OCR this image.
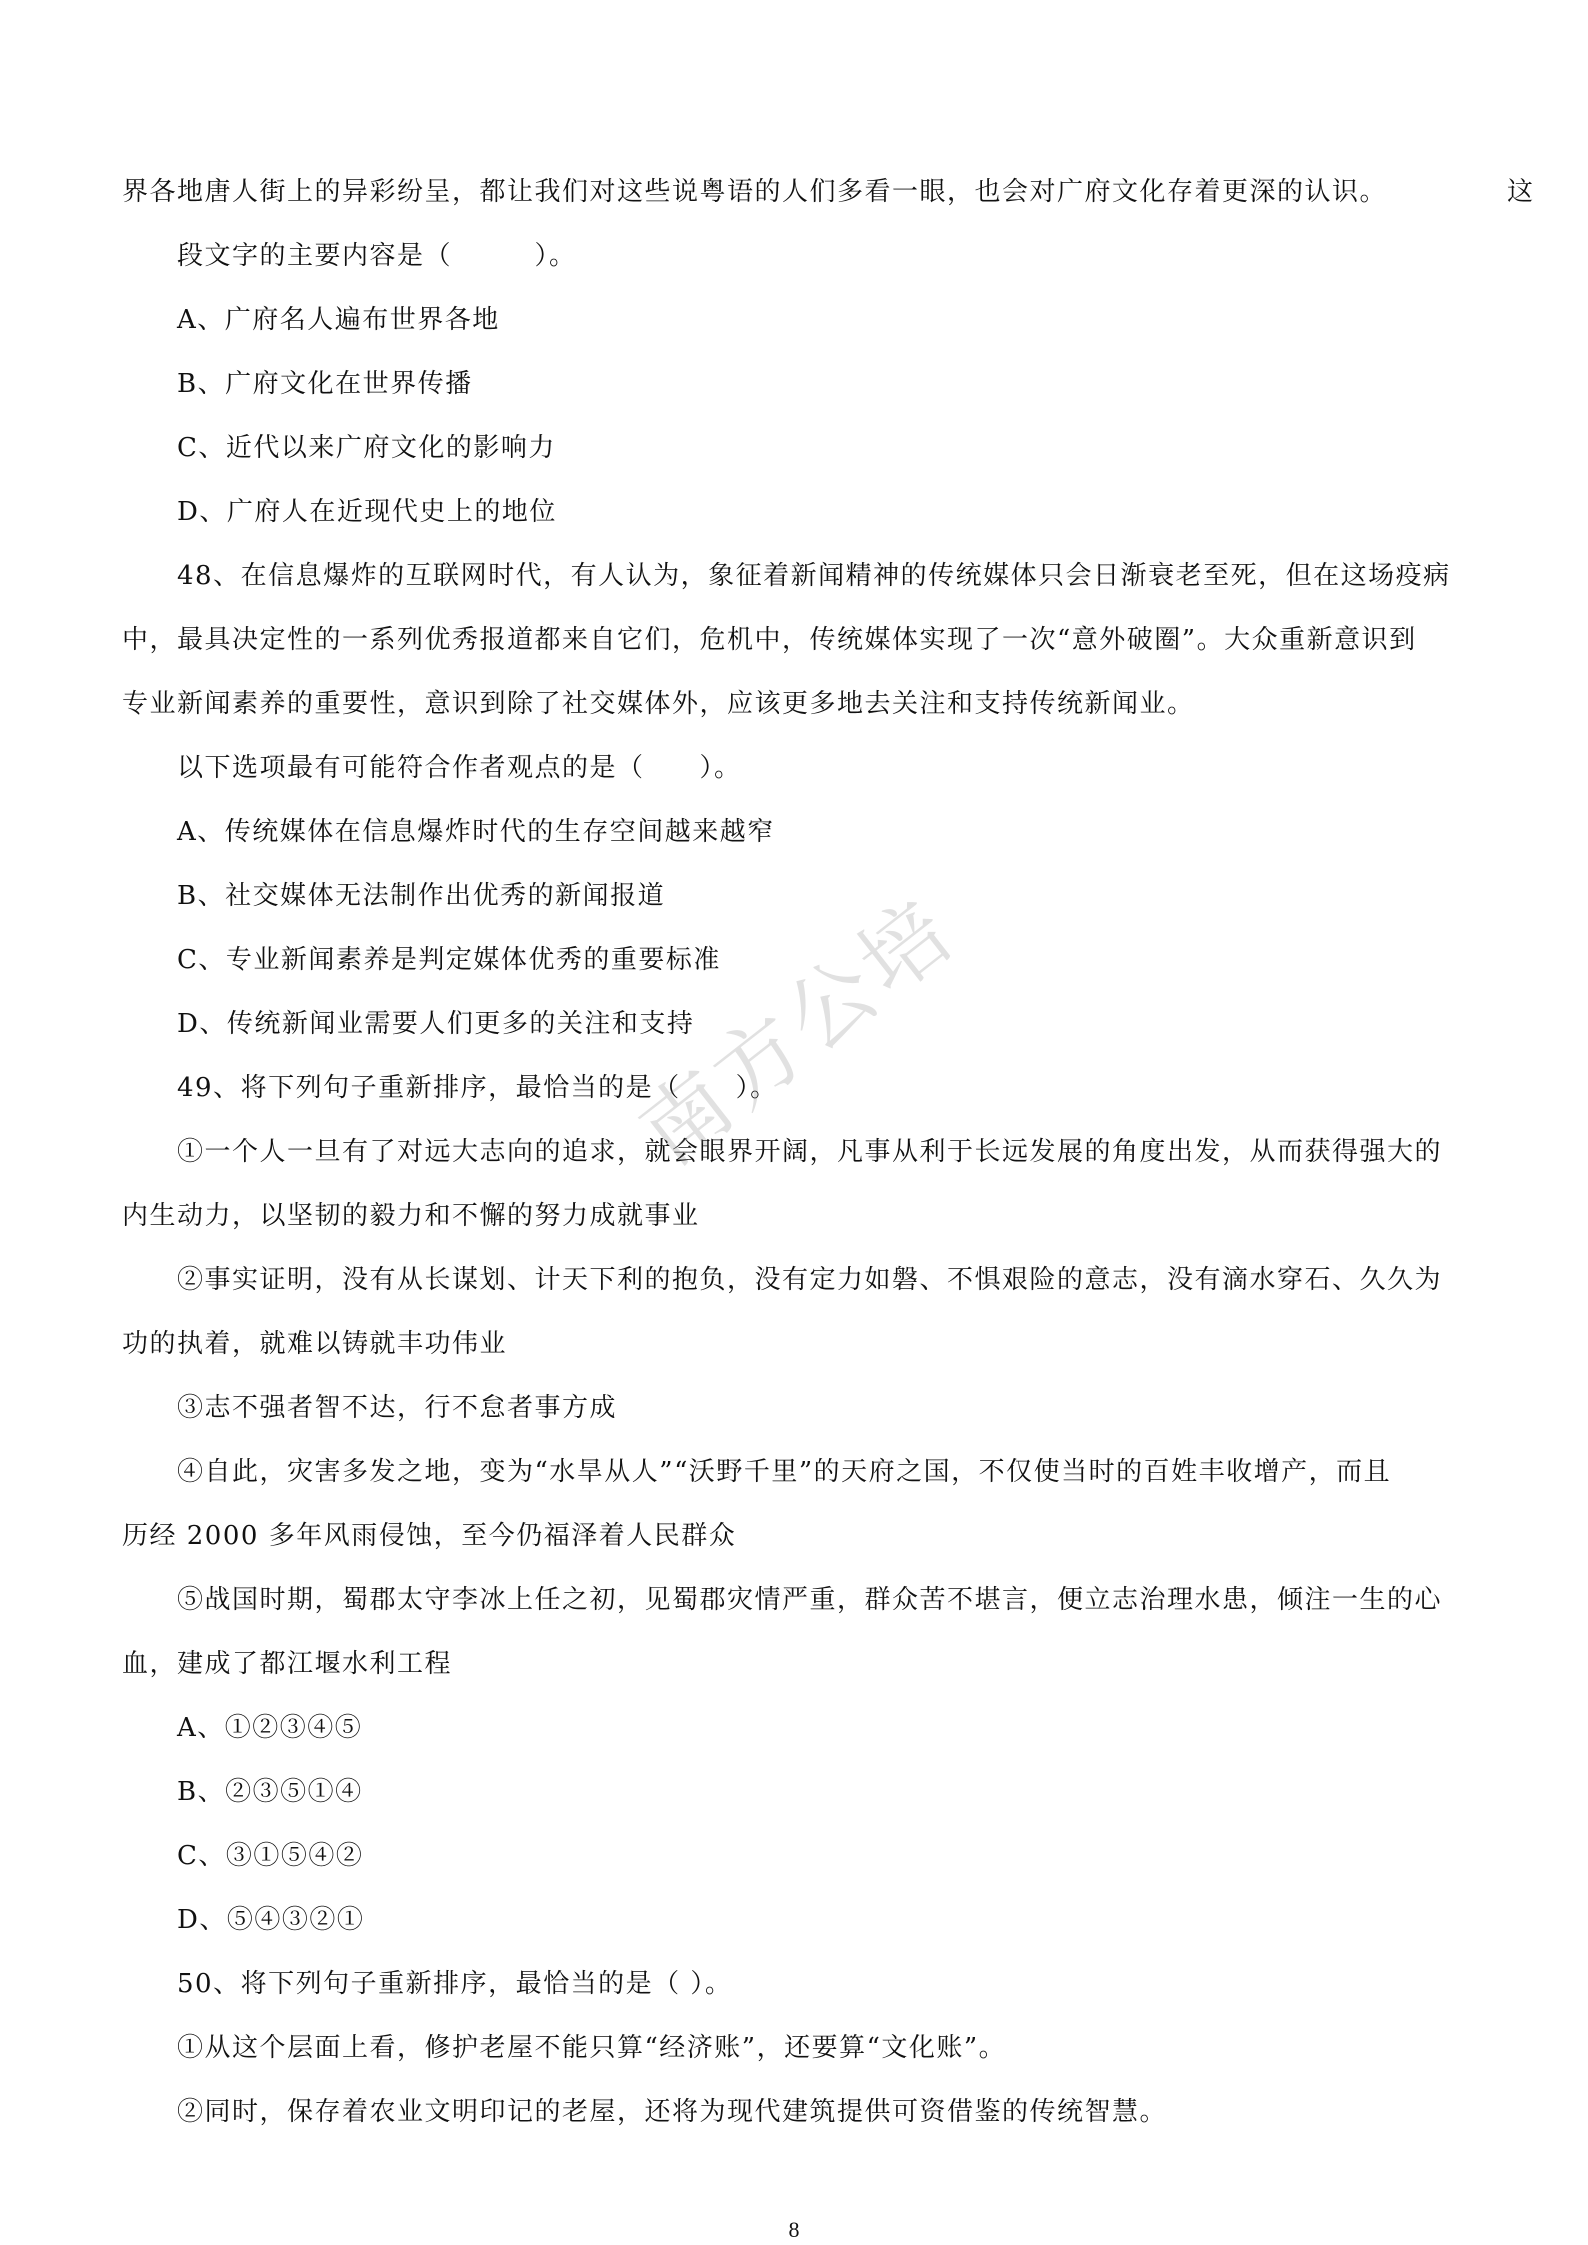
界各地唐人街上的异彩纷呈，都让我们对这些说粤语的人们多看一眼，也会对广府文化存着更深的认识。	这
段文字的主要内容是（　　　）。
A、广府名人遍布世界各地
B、广府文化在世界传播
C、近代以来广府文化的影响力
D、广府人在近现代史上的地位
48、在信息爆炸的互联网时代，有人认为，象征着新闻精神的传统媒体只会日渐衰老至死，但在这场疫病
中，最具决定性的一系列优秀报道都来自它们，危机中，传统媒体实现了一次“意外破圈”。大众重新意识到
专业新闻素养的重要性，意识到除了社交媒体外，应该更多地去关注和支持传统新闻业。
以下选项最有可能符合作者观点的是（　　）。
A、传统媒体在信息爆炸时代的生存空间越来越窄
B、社交媒体无法制作出优秀的新闻报道
C、专业新闻素养是判定媒体优秀的重要标准
D、传统新闻业需要人们更多的关注和支持
49、将下列句子重新排序，最恰当的是（　　）。
①一个人一旦有了对远大志向的追求，就会眼界开阔，凡事从利于长远发展的角度出发，从而获得强大的
内生动力，以坚韧的毅力和不懈的努力成就事业
②事实证明，没有从长谋划、计天下利的抱负，没有定力如磐、不惧艰险的意志，没有滴水穿石、久久为
功的执着，就难以铸就丰功伟业
③志不强者智不达，行不怠者事方成
④自此，灾害多发之地，变为“水旱从人”“沃野千里”的天府之国，不仅使当时的百姓丰收增产，而且
历经 2000 多年风雨侵蚀，至今仍福泽着人民群众
⑤战国时期，蜀郡太守李冰上任之初，见蜀郡灾情严重，群众苦不堪言，便立志治理水患，倾注一生的心
血，建成了都江堰水利工程
A、①②③④⑤
B、②③⑤①④
C、③①⑤④②
D、⑤④③②①
50、将下列句子重新排序，最恰当的是（ ）。
①从这个层面上看，修护老屋不能只算“经济账”，还要算“文化账”。
②同时，保存着农业文明印记的老屋，还将为现代建筑提供可资借鉴的传统智慧。
南方公培
8
